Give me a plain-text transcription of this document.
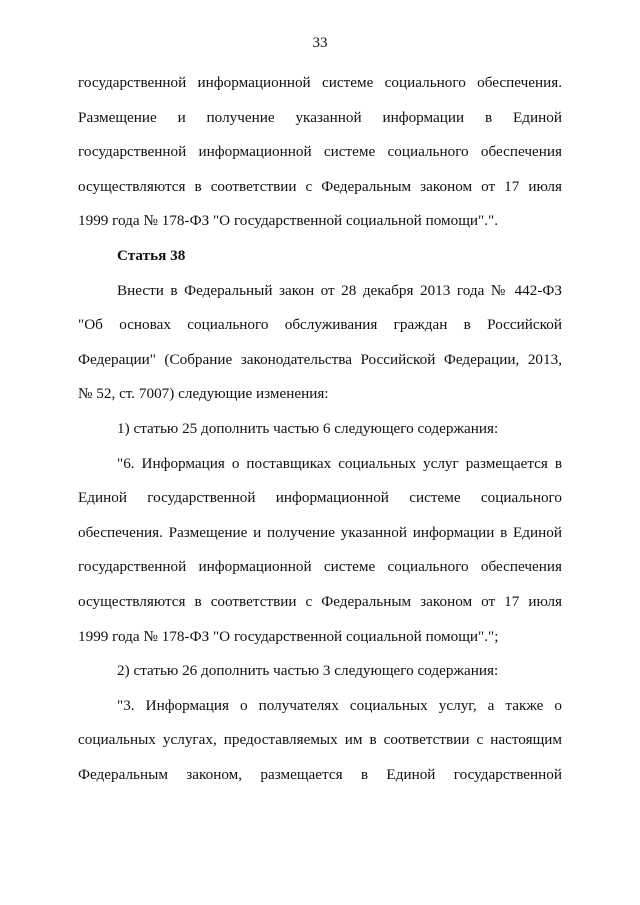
33
государственной информационной системе социального обеспечения.
Размещение и получение указанной информации в Единой
государственной информационной системе социального обеспечения
осуществляются в соответствии с Федеральным законом от 17 июля
1999 года № 178-ФЗ "О государственной социальной помощи".".
Статья 38
Внести в Федеральный закон от 28 декабря 2013 года № 442-ФЗ
"Об основах социального обслуживания граждан в Российской
Федерации" (Собрание законодательства Российской Федерации, 2013,
№ 52, ст. 7007) следующие изменения:
1) статью 25 дополнить частью 6 следующего содержания:
"6. Информация о поставщиках социальных услуг размещается в
Единой государственной информационной системе социального
обеспечения. Размещение и получение указанной информации в Единой
государственной информационной системе социального обеспечения
осуществляются в соответствии с Федеральным законом от 17 июля
1999 года № 178-ФЗ "О государственной социальной помощи".";
2) статью 26 дополнить частью 3 следующего содержания:
"3. Информация о получателях социальных услуг, а также о
социальных услугах, предоставляемых им в соответствии с настоящим
Федеральным законом, размещается в Единой государственной
